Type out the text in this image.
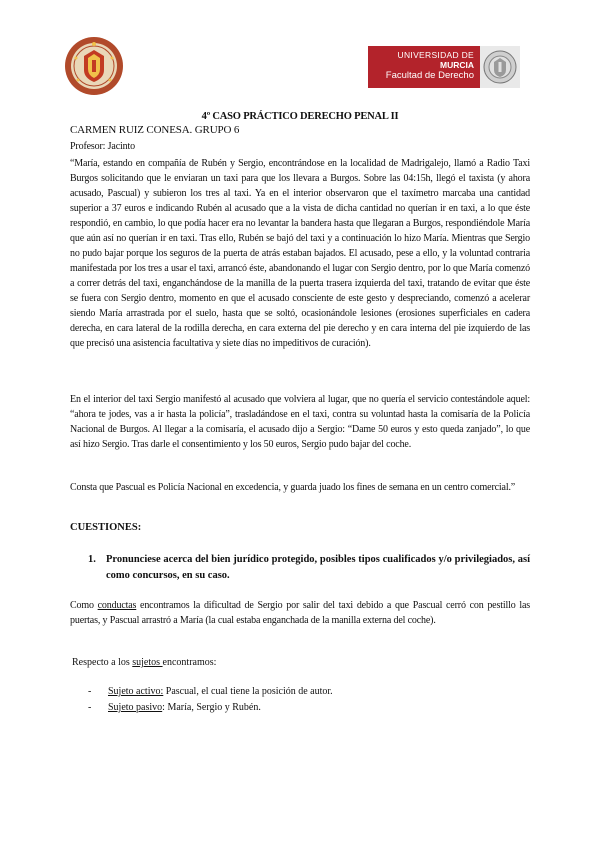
UNIVERSIDAD DE
MURCIA
Facultad de Derecho
4º CASO PRÁCTICO DERECHO PENAL II
CARMEN RUIZ CONESA. GRUPO 6
Profesor: Jacinto
“María, estando en compañía de Rubén y Sergio, encontrándose en la localidad de Madrigalejo, llamó a Radio Taxi Burgos solicitando que le enviaran un taxi para que los llevara a Burgos. Sobre las 04:15h, llegó el taxista (y ahora acusado, Pascual) y subieron los tres al taxi. Ya en el interior observaron que el taxímetro marcaba una cantidad superior a 37 euros e indicando Rubén al acusado que a la vista de dicha cantidad no querían ir en taxi, a lo que éste respondió, en cambio, lo que podía hacer era no levantar la bandera hasta que llegaran a Burgos, respondiéndole María que aún así no querían ir en taxi. Tras ello, Rubén se bajó del taxi y a continuación lo hizo María. Mientras que Sergio no pudo bajar porque los seguros de la puerta de atrás estaban bajados. El acusado, pese a ello, y la voluntad contraria manifestada por los tres a usar el taxi, arrancó éste, abandonando el lugar con Sergio dentro, por lo que María comenzó a correr detrás del taxi, enganchándose de la manilla de la puerta trasera izquierda del taxi, tratando de evitar que éste se fuera con Sergio dentro, momento en que el acusado consciente de este gesto y despreciando, comenzó a acelerar siendo María arrastrada por el suelo, hasta que se soltó, ocasionándole lesiones (erosiones superficiales en cadera derecha, en cara lateral de la rodilla derecha, en cara externa del pie derecho y en cara interna del pie izquierdo de las que precisó una asistencia facultativa y siete días no impeditivos de curación).
En el interior del taxi Sergio manifestó al acusado que volviera al lugar, que no quería el servicio contestándole aquel: “ahora te jodes, vas a ir hasta la policía”, trasladándose en el taxi, contra su voluntad hasta la comisaría de la Policía Nacional de Burgos. Al llegar a la comisaría, el acusado dijo a Sergio: “Dame 50 euros y esto queda zanjado”, lo que así hizo Sergio. Tras darle el consentimiento y los 50 euros, Sergio pudo bajar del coche.
Consta que Pascual es Policía Nacional en excedencia, y guarda juado los fines de semana en un centro comercial.”
CUESTIONES:
1. Pronunciese acerca del bien jurídico protegido, posibles tipos cualificados y/o privilegiados, así como concursos, en su caso.
Como conductas encontramos la dificultad de Sergio por salir del taxi debido a que Pascual cerró con pestillo las puertas, y Pascual arrastró a María (la cual estaba enganchada de la manilla externa del coche).
Respecto a los sujetos encontramos:
-	Sujeto activo: Pascual, el cual tiene la posición de autor.
-	Sujeto pasivo: María, Sergio y Rubén.
